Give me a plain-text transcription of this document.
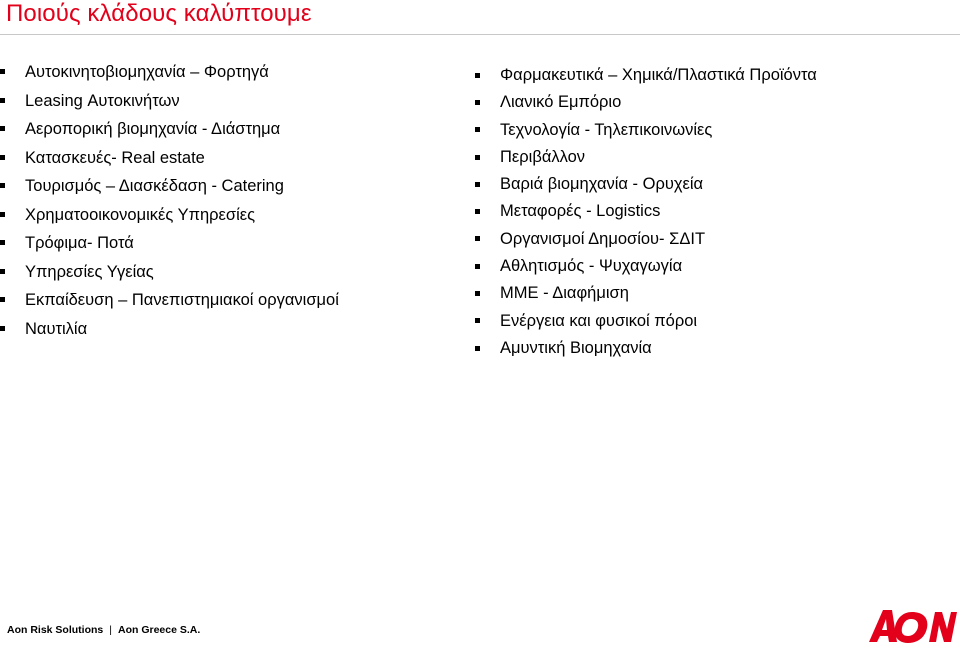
Ποιούς κλάδους καλύπτουμε
Αυτοκινητοβιομηχανία – Φορτηγά
Leasing Αυτοκινήτων
Αεροπορική βιομηχανία - Διάστημα
Κατασκευές- Real estate
Τουρισμός – Διασκέδαση - Catering
Χρηματοοικονομικές Υπηρεσίες
Τρόφιμα- Ποτά
Υπηρεσίες Υγείας
Εκπαίδευση – Πανεπιστημιακοί οργανισμοί
Ναυτιλία
Φαρμακευτικά – Χημικά/Πλαστικά Προϊόντα
Λιανικό Εμπόριο
Τεχνολογία - Τηλεπικοινωνίες
Περιβάλλον
Βαριά βιομηχανία - Ορυχεία
Μεταφορές - Logistics
Οργανισμοί Δημοσίου- ΣΔΙΤ
Αθλητισμός - Ψυχαγωγία
ΜΜΕ - Διαφήμιση
Ενέργεια και φυσικοί πόροι
Αμυντική Βιομηχανία
Aon Risk Solutions | Aon Greece S.A.
